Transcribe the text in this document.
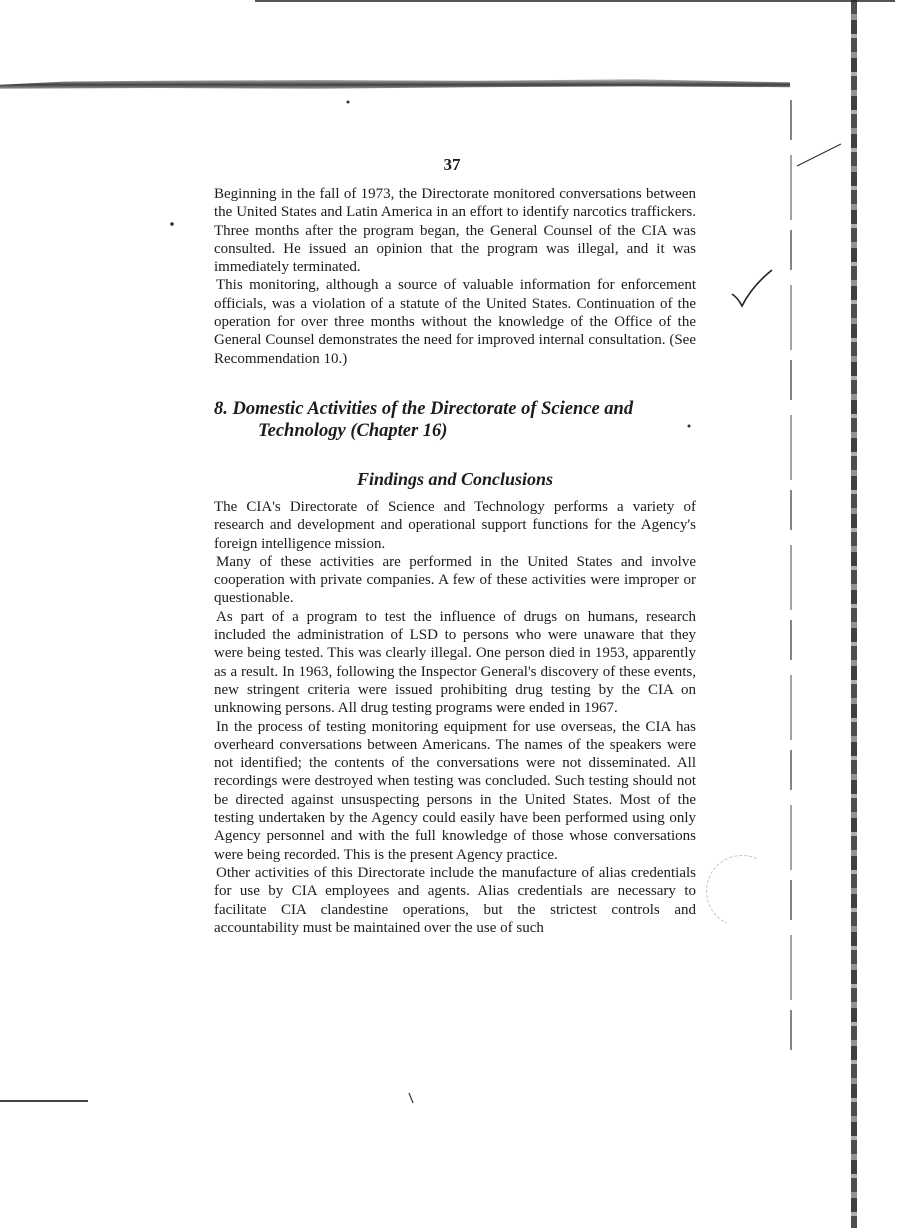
37

Beginning in the fall of 1973, the Directorate monitored conversations between the United States and Latin America in an effort to identify narcotics traffickers. Three months after the program began, the General Counsel of the CIA was consulted. He issued an opinion that the program was illegal, and it was immediately terminated.

This monitoring, although a source of valuable information for enforcement officials, was a violation of a statute of the United States. Continuation of the operation for over three months without the knowledge of the Office of the General Counsel demonstrates the need for improved internal consultation. (See Recommendation 10.)

8. Domestic Activities of the Directorate of Science and
Technology (Chapter 16)
Findings and Conclusions

The CIA's Directorate of Science and Technology performs a variety of research and development and operational support functions for the Agency's foreign intelligence mission.

Many of these activities are performed in the United States and involve cooperation with private companies. A few of these activities were improper or questionable.

As part of a program to test the influence of drugs on humans, research included the administration of LSD to persons who were unaware that they were being tested. This was clearly illegal. One person died in 1953, apparently as a result. In 1963, following the Inspector General's discovery of these events, new stringent criteria were issued prohibiting drug testing by the CIA on unknowing persons. All drug testing programs were ended in 1967.

In the process of testing monitoring equipment for use overseas, the CIA has overheard conversations between Americans. The names of the speakers were not identified; the contents of the conversations were not disseminated. All recordings were destroyed when testing was concluded. Such testing should not be directed against unsuspecting persons in the United States. Most of the testing undertaken by the Agency could easily have been performed using only Agency personnel and with the full knowledge of those whose conversations were being recorded. This is the present Agency practice.

Other activities of this Directorate include the manufacture of alias credentials for use by CIA employees and agents. Alias credentials are necessary to facilitate CIA clandestine operations, but the strictest controls and accountability must be maintained over the use of such
